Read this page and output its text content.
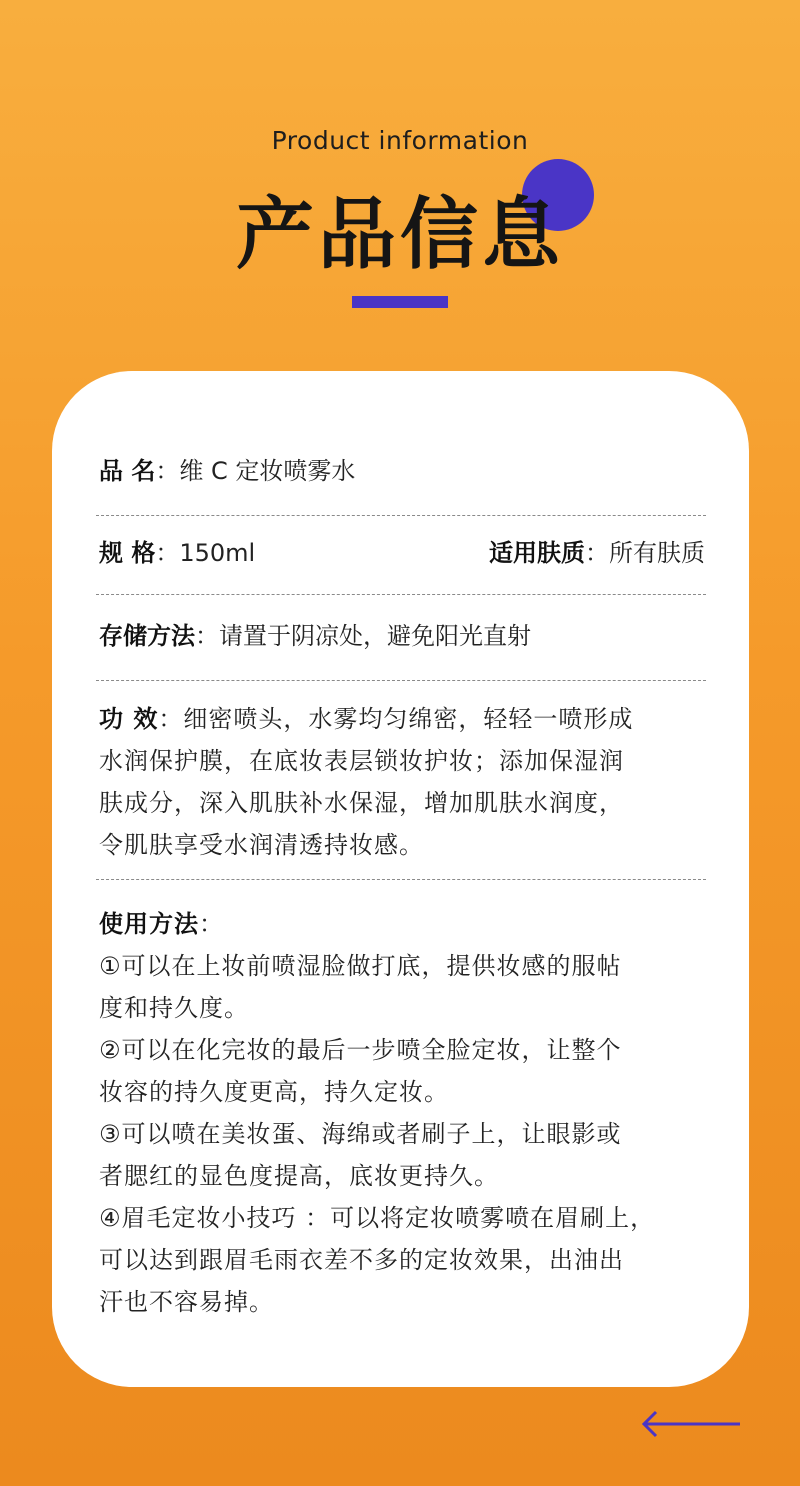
Product information
产品信息
品 名：维 C 定妆喷雾水
规 格：150ml	适用肤质：所有肤质
存储方法：请置于阴凉处，避免阳光直射
功 效：细密喷头，水雾均匀绵密，轻轻一喷形成
水润保护膜，在底妆表层锁妆护妆；添加保湿润
肤成分，深入肌肤补水保湿，增加肌肤水润度，
令肌肤享受水润清透持妆感。
使用方法：
①可以在上妆前喷湿脸做打底，提供妆感的服帖
度和持久度。
②可以在化完妆的最后一步喷全脸定妆，让整个
妆容的持久度更高，持久定妆。
③可以喷在美妆蛋、海绵或者刷子上，让眼影或
者腮红的显色度提高，底妆更持久。
④眉毛定妆小技巧 ：可以将定妆喷雾喷在眉刷上，
可以达到跟眉毛雨衣差不多的定妆效果，出油出
汗也不容易掉。
